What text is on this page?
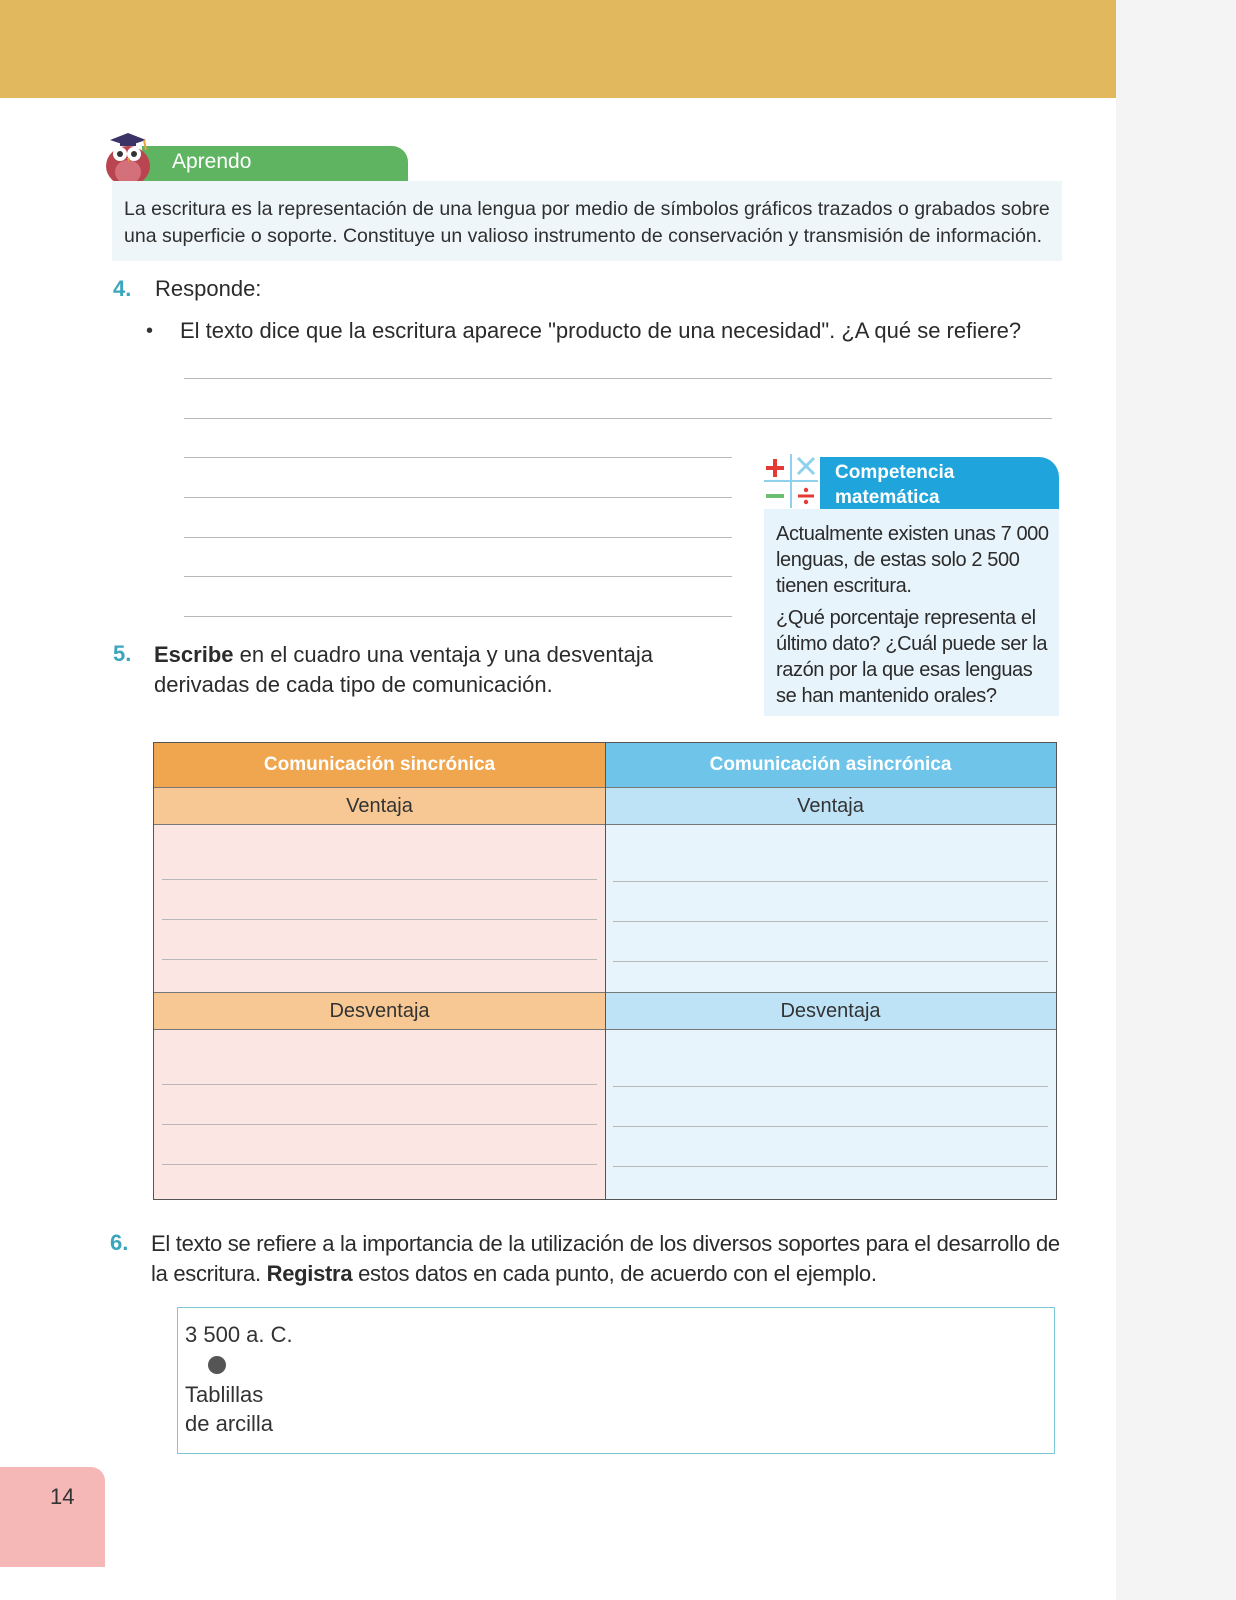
Aprendo
La escritura es la representación de una lengua por medio de símbolos gráficos trazados o grabados sobre una superficie o soporte. Constituye un valioso instrumento de conservación y transmisión de información.
4. Responde:
• El texto dice que la escritura aparece "producto de una necesidad". ¿A qué se refiere?
Competencia
matemática

Actualmente existen unas 7 000 lenguas, de estas solo 2 500 tienen escritura.

¿Qué porcentaje representa el último dato? ¿Cuál puede ser la razón por la que esas lenguas se han mantenido orales?

5. Escribe en el cuadro una ventaja y una desventaja derivadas de cada tipo de comunicación.
Comunicación sincrónica	Comunicación asincrónica
Ventaja	Ventaja
Desventaja	Desventaja
6. El texto se refiere a la importancia de la utilización de los diversos soportes para el desarrollo de la escritura. Registra estos datos en cada punto, de acuerdo con el ejemplo.
3 500 a. C.
Tablillas
de arcilla
14
